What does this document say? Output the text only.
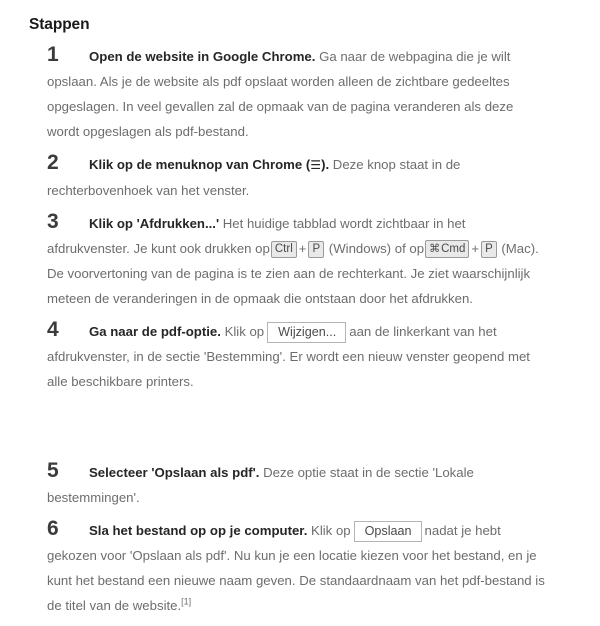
Stappen
1	Open de website in Google Chrome. Ga naar de webpagina die je wilt opslaan. Als je de website als pdf opslaat worden alleen de zichtbare gedeeltes opgeslagen. In veel gevallen zal de opmaak van de pagina veranderen als deze wordt opgeslagen als pdf-bestand.

2	Klik op de menuknop van Chrome (☰). Deze knop staat in de rechterbovenhoek van het venster.

3	Klik op 'Afdrukken...' Het huidige tabblad wordt zichtbaar in het afdrukvenster. Je kunt ook drukken op Ctrl + P (Windows) of op ⌘Cmd + P (Mac). De voorvertoning van de pagina is te zien aan de rechterkant. Je ziet waarschijnlijk meteen de veranderingen in de opmaak die ontstaan door het afdrukken.

4	Ga naar de pdf-optie. Klik op Wijzigen... aan de linkerkant van het afdrukvenster, in de sectie 'Bestemming'. Er wordt een nieuw venster geopend met alle beschikbare printers.

5	Selecteer 'Opslaan als pdf'. Deze optie staat in de sectie 'Lokale bestemmingen'.

6	Sla het bestand op op je computer. Klik op Opslaan nadat je hebt gekozen voor 'Opslaan als pdf'. Nu kun je een locatie kiezen voor het bestand, en je kunt het bestand een nieuwe naam geven. De standaardnaam van het pdf-bestand is de titel van de website.[1]
